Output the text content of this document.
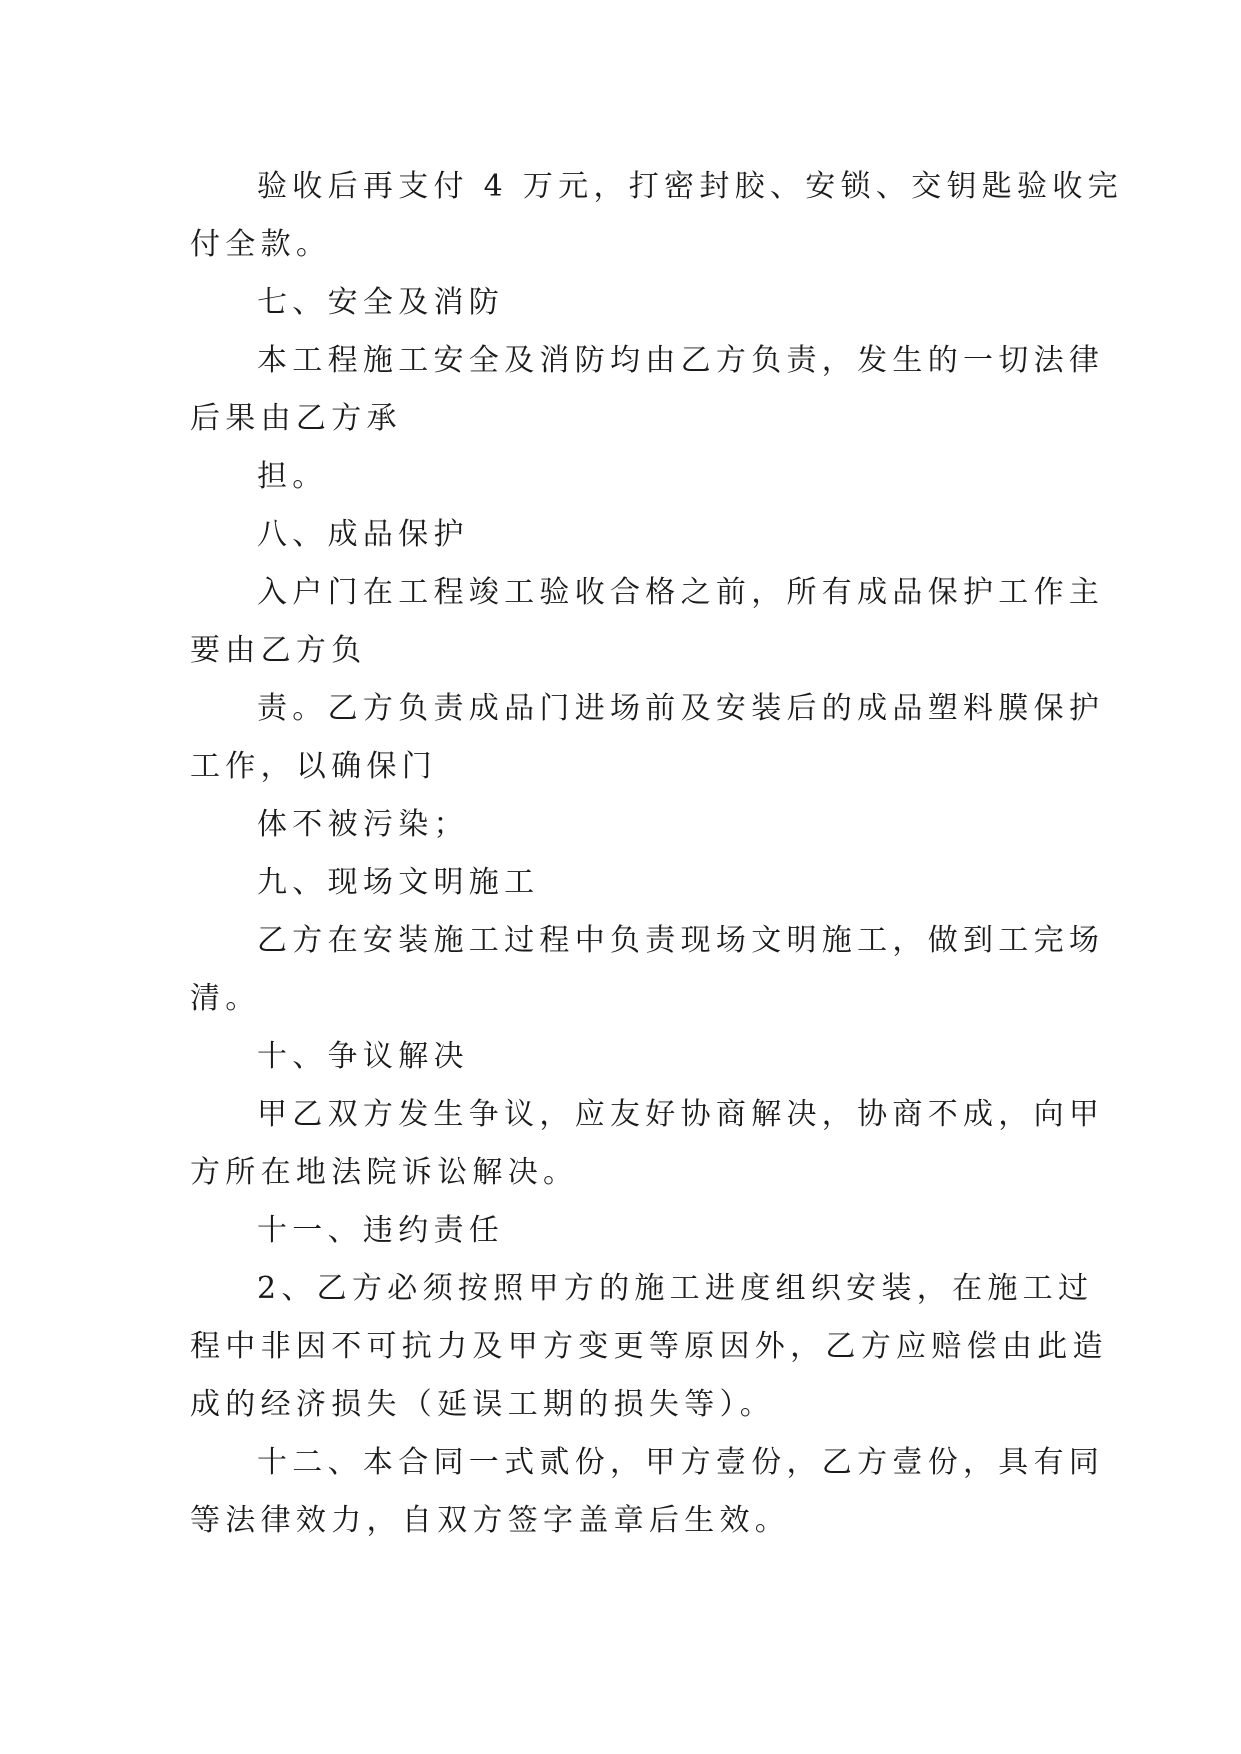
验收后再支付 4 万元，打密封胶、安锁、交钥匙验收完
付全款。
七、安全及消防
本工程施工安全及消防均由乙方负责，发生的一切法律
后果由乙方承
担。
八、成品保护
入户门在工程竣工验收合格之前，所有成品保护工作主
要由乙方负
责。乙方负责成品门进场前及安装后的成品塑料膜保护
工作，以确保门
体不被污染；
九、现场文明施工
乙方在安装施工过程中负责现场文明施工，做到工完场
清。
十、争议解决
甲乙双方发生争议，应友好协商解决，协商不成，向甲
方所在地法院诉讼解决。
十一、违约责任
2、乙方必须按照甲方的施工进度组织安装，在施工过
程中非因不可抗力及甲方变更等原因外，乙方应赔偿由此造
成的经济损失（延误工期的损失等）。
十二、本合同一式贰份，甲方壹份，乙方壹份，具有同
等法律效力，自双方签字盖章后生效。
